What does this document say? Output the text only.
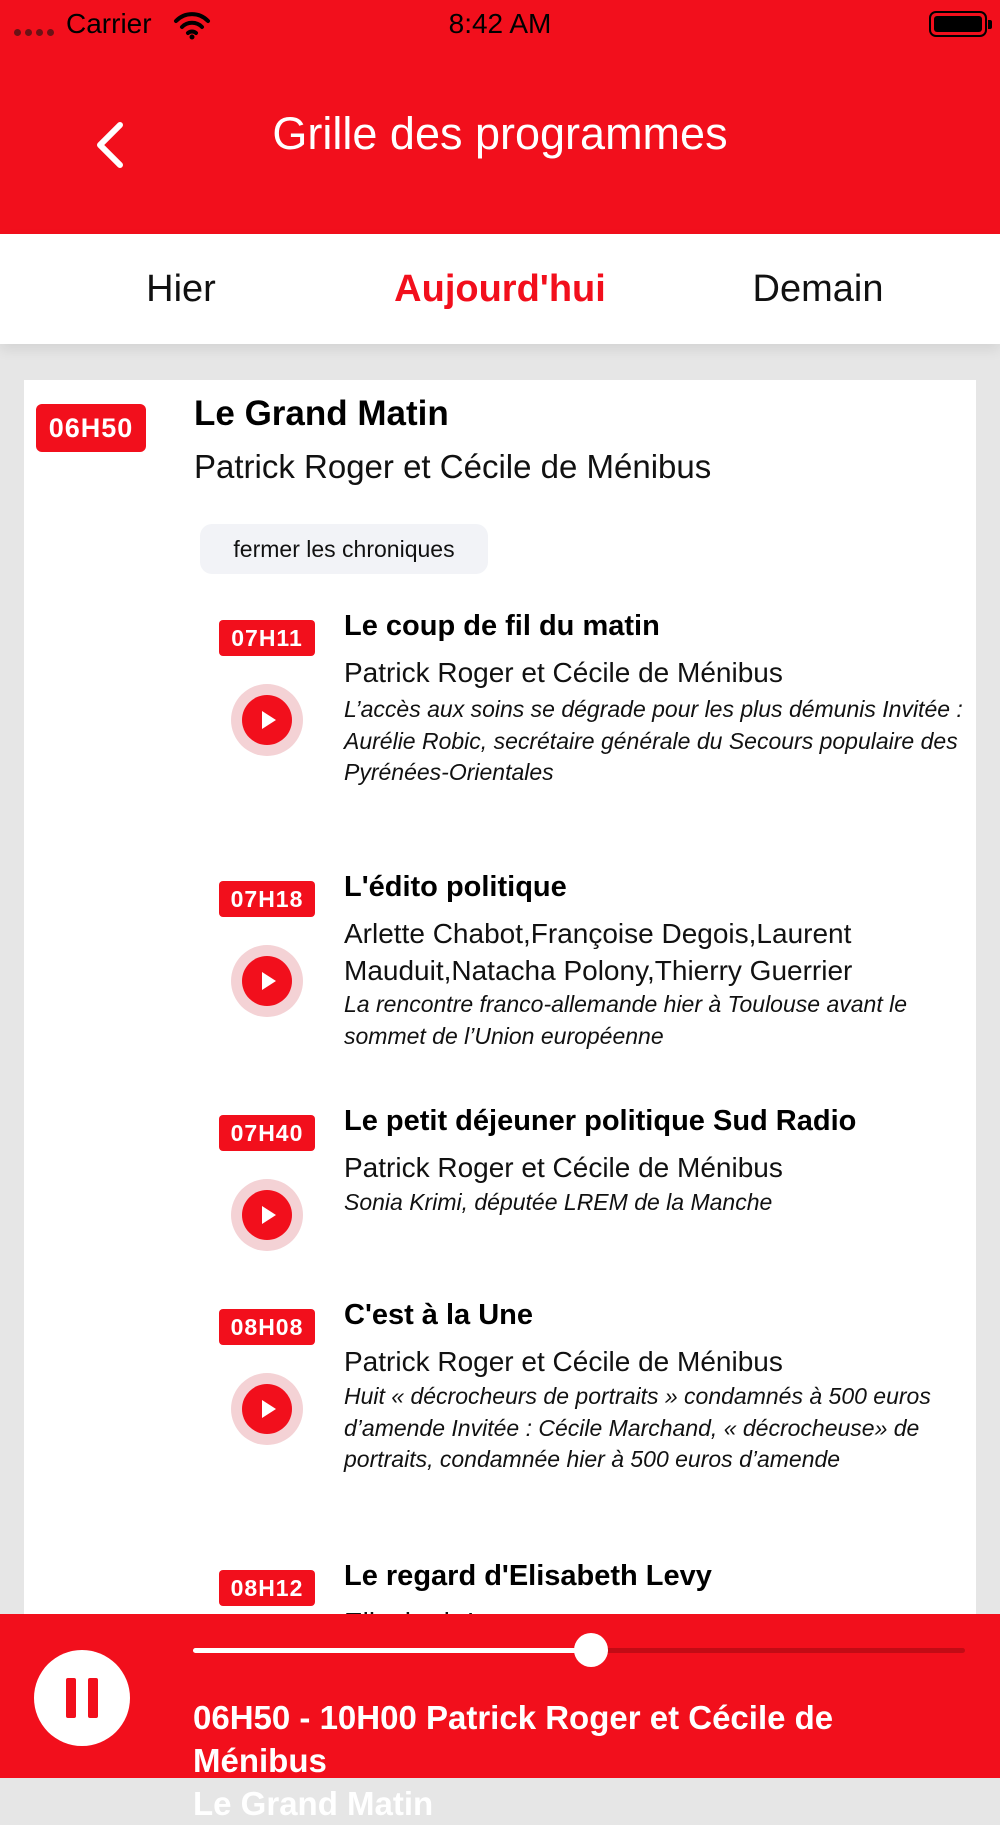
Carrier	8:42 AM
Grille des programmes
Hier	Aujourd'hui	Demain
06H50	Le Grand Matin
Patrick Roger et Cécile de Ménibus
fermer les chroniques
07H11	Le coup de fil du matin
Patrick Roger et Cécile de Ménibus
L’accès aux soins se dégrade pour les plus démunis Invitée : Aurélie Robic, secrétaire générale du Secours populaire des Pyrénées-Orientales
07H18	L'édito politique
Arlette Chabot,Françoise Degois,Laurent Mauduit,Natacha Polony,Thierry Guerrier
La rencontre franco-allemande hier à Toulouse avant le sommet de l’Union européenne
07H40	Le petit déjeuner politique Sud Radio
Patrick Roger et Cécile de Ménibus
Sonia Krimi, députée LREM de la Manche
08H08	C'est à la Une
Patrick Roger et Cécile de Ménibus
Huit « décrocheurs de portraits » condamnés à 500 euros d’amende Invitée : Cécile Marchand, « décrocheuse» de portraits, condamnée hier à 500 euros d’amende
08H12	Le regard d'Elisabeth Levy
06H50 - 10H00 Patrick Roger et Cécile de Ménibus
Le Grand Matin
